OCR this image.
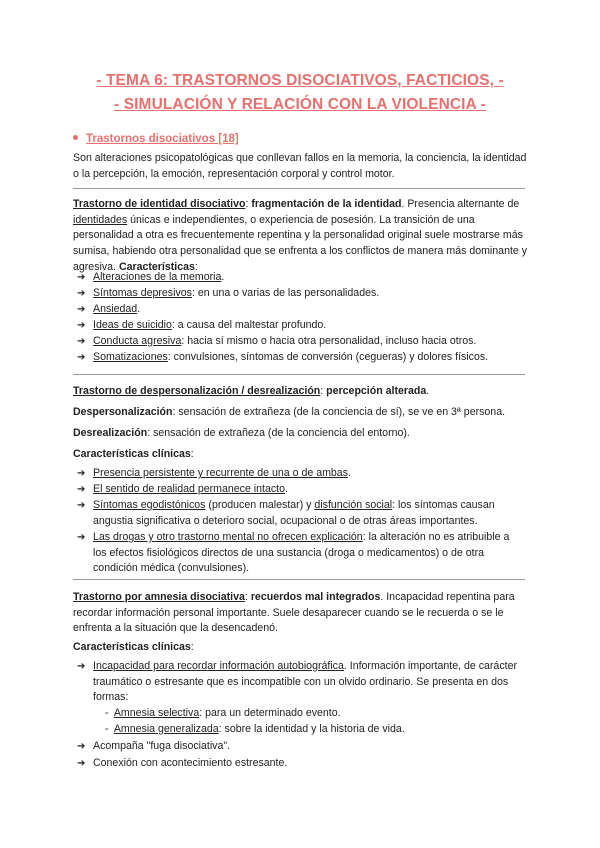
- TEMA 6: TRASTORNOS DISOCIATIVOS, FACTICIOS, -
- SIMULACIÓN Y RELACIÓN CON LA VIOLENCIA -
Trastornos disociativos [18]

Son alteraciones psicopatológicas que conllevan fallos en la memoria, la conciencia, la identidad o la percepción, la emoción, representación corporal y control motor.

Trastorno de identidad disociativo: fragmentación de la identidad. Presencia alternante de identidades únicas e independientes, o experiencia de posesión. La transición de una personalidad a otra es frecuentemente repentina y la personalidad original suele mostrarse más sumisa, habiendo otra personalidad que se enfrenta a los conflictos de manera más dominante y agresiva. Características:

➔ Alteraciones de la memoria.
➔ Síntomas depresivos: en una o varias de las personalidades.
➔ Ansiedad.
➔ Ideas de suicidio: a causa del maltestar profundo.
➔ Conducta agresiva: hacia sí mismo o hacia otra personalidad, incluso hacia otros.
➔ Somatizaciones: convulsiones, síntomas de conversión (cegueras) y dolores físicos.

Trastorno de despersonalización / desrealización: percepción alterada.

Despersonalización: sensación de extrañeza (de la conciencia de sí), se ve en 3ª persona.

Desrealización: sensación de extrañeza (de la conciencia del entorno).

Características clínicas:

➔ Presencia persistente y recurrente de una o de ambas.
➔ El sentido de realidad permanece intacto.
➔ Síntomas egodistónicos (producen malestar) y disfunción social: los síntomas causan angustia significativa o deterioro social, ocupacional o de otras áreas importantes.
➔ Las drogas y otro trastorno mental no ofrecen explicación: la alteración no es atribuible a los efectos fisiológicos directos de una sustancia (droga o medicamentos) o de otra condición médica (convulsiones).

Trastorno por amnesia disociativa: recuerdos mal integrados. Incapacidad repentina para recordar información personal importante. Suele desaparecer cuando se le recuerda o se le enfrenta a la situación que la desencadenó.

Características clínicas:

➔ Incapacidad para recordar información autobiográfica. Información importante, de carácter traumático o estresante que es incompatible con un olvido ordinario. Se presenta en dos formas:
- Amnesia selectiva: para un determinado evento.
- Amnesia generalizada: sobre la identidad y la historia de vida.
➔ Acompaña "fuga disociativa".
➔ Conexión con acontecimiento estresante.
